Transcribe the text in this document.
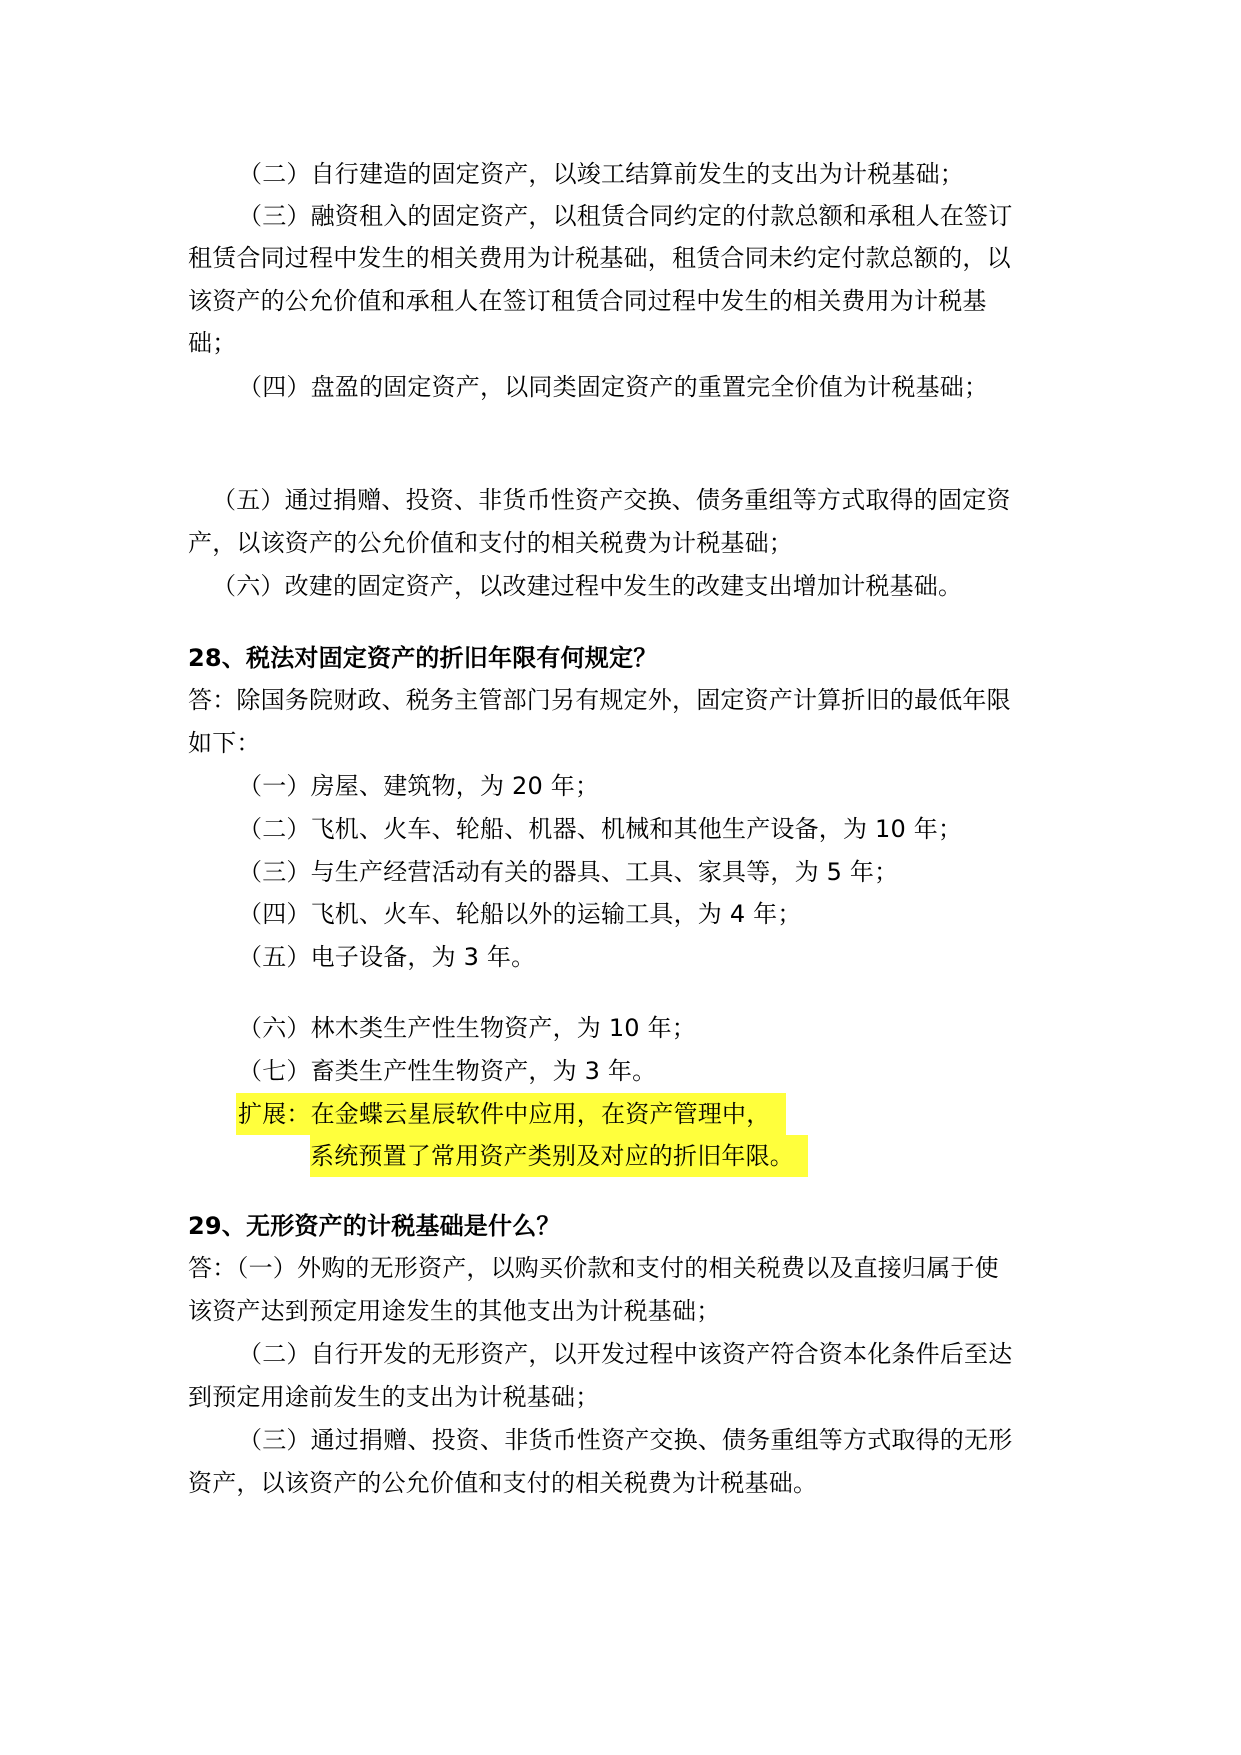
（二）自行建造的固定资产，以竣工结算前发生的支出为计税基础；
（三）融资租入的固定资产，以租赁合同约定的付款总额和承租人在签订
租赁合同过程中发生的相关费用为计税基础，租赁合同未约定付款总额的，以
该资产的公允价值和承租人在签订租赁合同过程中发生的相关费用为计税基
础；
（四）盘盈的固定资产，以同类固定资产的重置完全价值为计税基础；
（五）通过捐赠、投资、非货币性资产交换、债务重组等方式取得的固定资
产，以该资产的公允价值和支付的相关税费为计税基础；
（六）改建的固定资产，以改建过程中发生的改建支出增加计税基础。
28、税法对固定资产的折旧年限有何规定？
答：除国务院财政、税务主管部门另有规定外，固定资产计算折旧的最低年限
如下：
（一）房屋、建筑物，为 20 年；
（二）飞机、火车、轮船、机器、机械和其他生产设备，为 10 年；
（三）与生产经营活动有关的器具、工具、家具等，为 5 年；
（四）飞机、火车、轮船以外的运输工具，为 4 年；
（五）电子设备，为 3 年。
（六）林木类生产性生物资产，为 10 年；
（七）畜类生产性生物资产，为 3 年。
扩展：在金蝶云星辰软件中应用，在资产管理中，
系统预置了常用资产类别及对应的折旧年限。
29、无形资产的计税基础是什么？
答：（一）外购的无形资产，以购买价款和支付的相关税费以及直接归属于使
该资产达到预定用途发生的其他支出为计税基础；
（二）自行开发的无形资产，以开发过程中该资产符合资本化条件后至达
到预定用途前发生的支出为计税基础；
（三）通过捐赠、投资、非货币性资产交换、债务重组等方式取得的无形
资产，以该资产的公允价值和支付的相关税费为计税基础。
